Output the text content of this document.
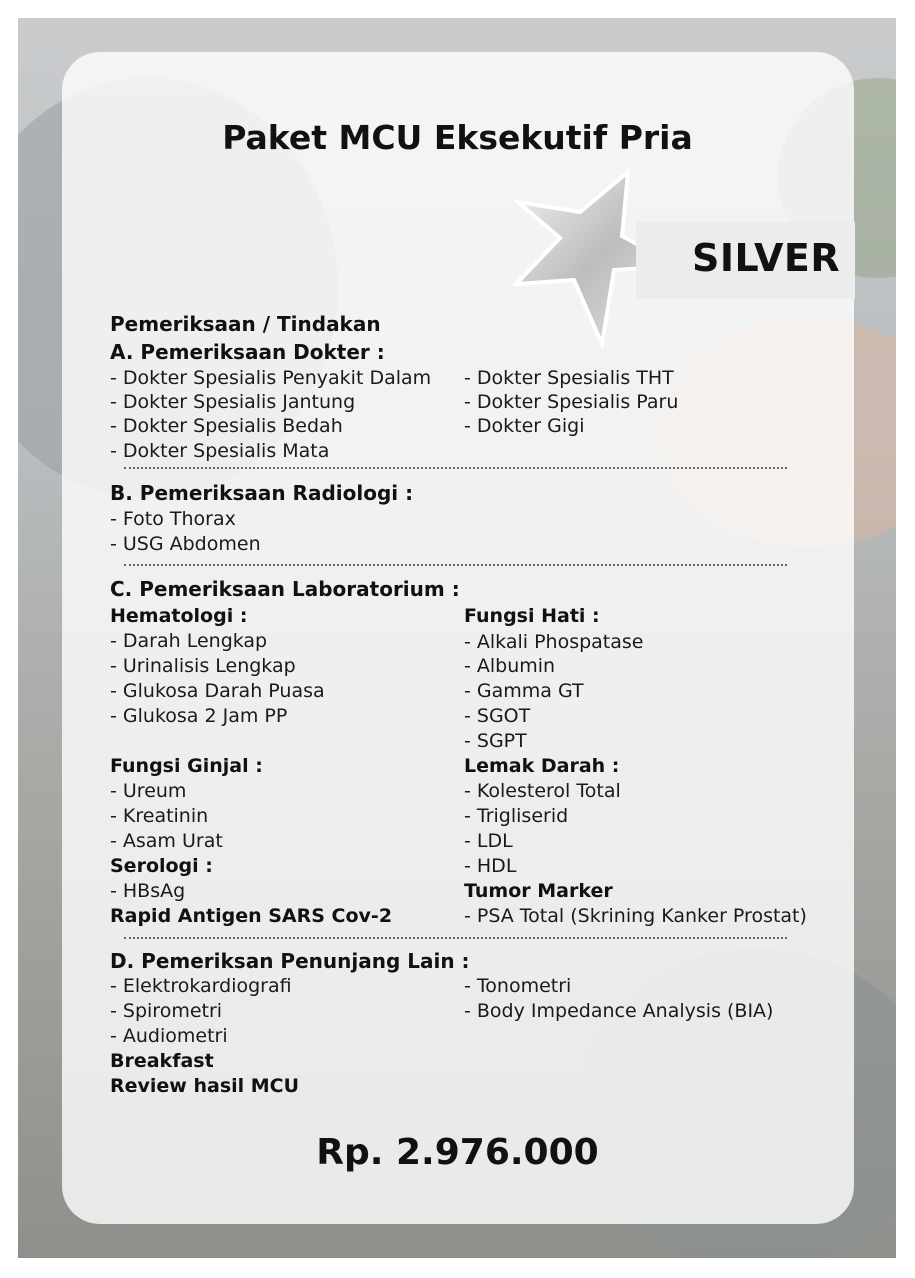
Paket MCU Eksekutif Pria
SILVER
Pemeriksaan / Tindakan
A. Pemeriksaan Dokter :
- Dokter Spesialis Penyakit Dalam
- Dokter Spesialis Jantung
- Dokter Spesialis Bedah
- Dokter Spesialis Mata
- Dokter Spesialis THT
- Dokter Spesialis Paru
- Dokter Gigi
B. Pemeriksaan Radiologi :
- Foto Thorax
- USG Abdomen
C. Pemeriksaan Laboratorium :
Hematologi :
- Darah Lengkap
- Urinalisis Lengkap
- Glukosa Darah Puasa
- Glukosa 2 Jam PP
Fungsi Hati :
- Alkali Phospatase
- Albumin
- Gamma GT
- SGOT
- SGPT
Fungsi Ginjal :
- Ureum
- Kreatinin
- Asam Urat
Lemak Darah :
- Kolesterol Total
- Trigliserid
- LDL
- HDL
Serologi :
- HBsAg
Rapid Antigen SARS Cov-2
Tumor Marker
- PSA Total (Skrining Kanker Prostat)
D. Pemeriksan Penunjang Lain :
- Elektrokardiografi
- Spirometri
- Audiometri
- Tonometri
- Body Impedance Analysis (BIA)
Breakfast
Review hasil MCU
Rp. 2.976.000
